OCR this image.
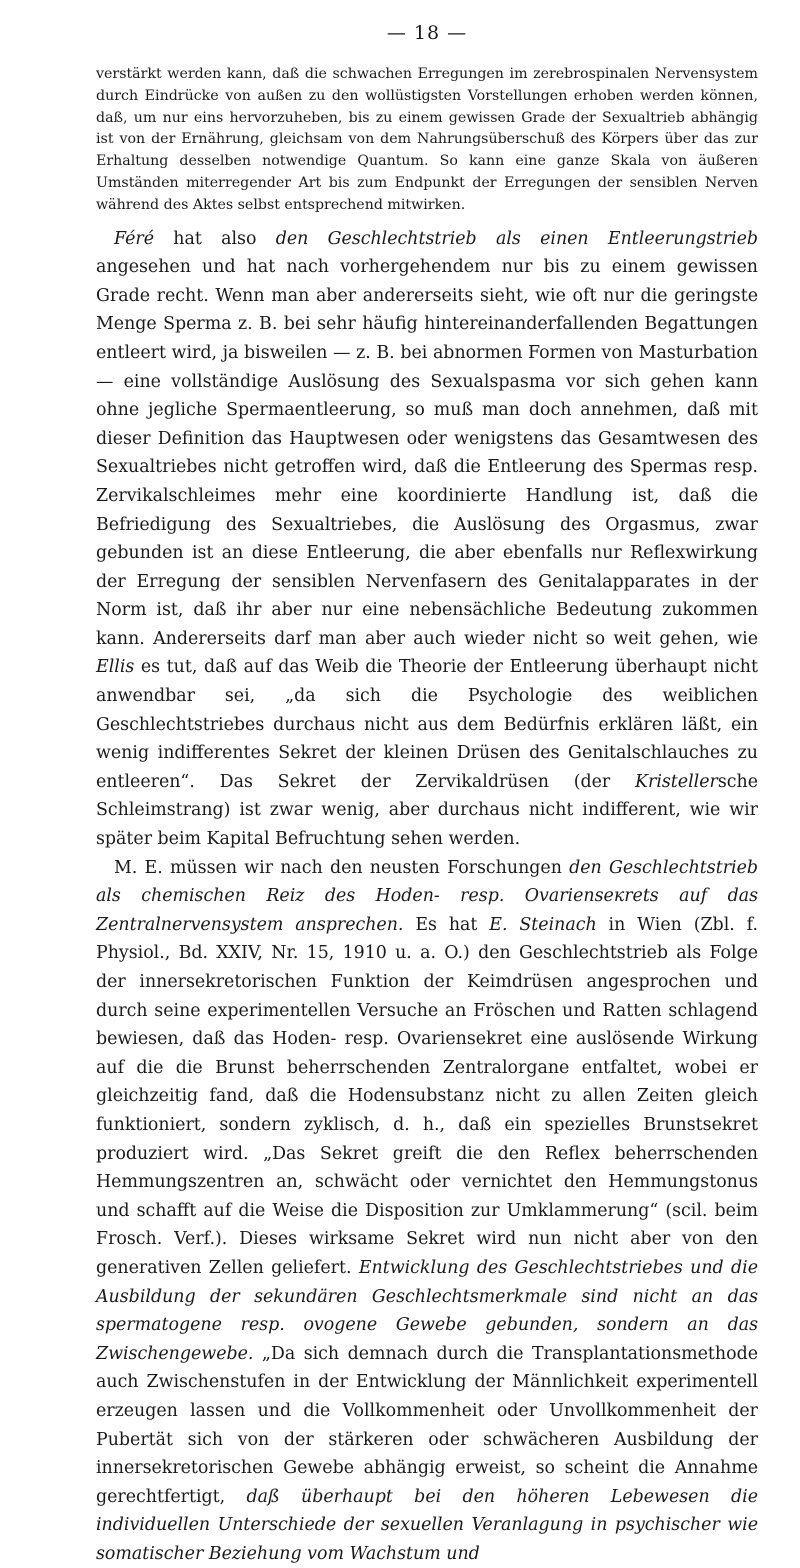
— 18 —

verstärkt werden kann, daß die schwachen Erregungen im zerebrospinalen Nervensystem durch Eindrücke von außen zu den wollüstigsten Vorstellungen erhoben werden können, daß, um nur eins hervorzuheben, bis zu einem gewissen Grade der Sexualtrieb abhängig ist von der Ernährung, gleichsam von dem Nahrungsüberschuß des Körpers über das zur Erhaltung desselben notwendige Quantum. So kann eine ganze Skala von äußeren Umständen miterregender Art bis zum Endpunkt der Erregungen der sensiblen Nerven während des Aktes selbst entsprechend mitwirken.

Féré hat also den Geschlechtstrieb als einen Entleerungstrieb angesehen und hat nach vorhergehendem nur bis zu einem gewissen Grade recht. Wenn man aber andererseits sieht, wie oft nur die geringste Menge Sperma z. B. bei sehr häufig hintereinanderfallenden Begattungen entleert wird, ja bisweilen — z. B. bei abnormen Formen von Masturbation — eine vollständige Auslösung des Sexualspasma vor sich gehen kann ohne jegliche Spermaentleerung, so muß man doch annehmen, daß mit dieser Definition das Hauptwesen oder wenigstens das Gesamtwesen des Sexualtriebes nicht getroffen wird, daß die Entleerung des Spermas resp. Zervikalschleimes mehr eine koordinierte Handlung ist, daß die Befriedigung des Sexualtriebes, die Auslösung des Orgasmus, zwar gebunden ist an diese Entleerung, die aber ebenfalls nur Reflexwirkung der Erregung der sensiblen Nervenfasern des Genitalapparates in der Norm ist, daß ihr aber nur eine nebensächliche Bedeutung zukommen kann. Andererseits darf man aber auch wieder nicht so weit gehen, wie Ellis es tut, daß auf das Weib die Theorie der Entleerung überhaupt nicht anwendbar sei, „da sich die Psychologie des weiblichen Geschlechtstriebes durchaus nicht aus dem Bedürfnis erklären läßt, ein wenig indifferentes Sekret der kleinen Drüsen des Genitalschlauches zu entleeren“. Das Sekret der Zervikaldrüsen (der Kristellersche Schleimstrang) ist zwar wenig, aber durchaus nicht indifferent, wie wir später beim Kapital Befruchtung sehen werden.

M. E. müssen wir nach den neusten Forschungen den Geschlechtstrieb als chemischen Reiz des Hoden- resp. Ovarienseкrets auf das Zentralnervensystem ansprechen. Es hat E. Steinach in Wien (Zbl. f. Physiol., Bd. XXIV, Nr. 15, 1910 u. a. O.) den Geschlechtstrieb als Folge der innersekretorischen Funktion der Keimdrüsen angesprochen und durch seine experimentellen Versuche an Fröschen und Ratten schlagend bewiesen, daß das Hoden- resp. Ovariensekret eine auslösende Wirkung auf die die Brunst beherrschenden Zentralorgane entfaltet, wobei er gleichzeitig fand, daß die Hodensubstanz nicht zu allen Zeiten gleich funktioniert, sondern zyklisch, d. h., daß ein spezielles Brunstsekret produziert wird. „Das Sekret greift die den Reflex beherrschenden Hemmungszentren an, schwächt oder vernichtet den Hemmungstonus und schafft auf die Weise die Disposition zur Umklammerung“ (scil. beim Frosch. Verf.). Dieses wirksame Sekret wird nun nicht aber von den generativen Zellen geliefert. Entwicklung des Geschlechtstriebes und die Ausbildung der sekundären Geschlechtsmerkmale sind nicht an das spermatogene resp. ovogene Gewebe gebunden, sondern an das Zwischengewebe. „Da sich demnach durch die Transplantationsmethode auch Zwischenstufen in der Entwicklung der Männlichkeit experimentell erzeugen lassen und die Vollkommenheit oder Unvollkommenheit der Pubertät sich von der stärkeren oder schwächeren Ausbildung der innersekretorischen Gewebe abhängig erweist, so scheint die Annahme gerechtfertigt, daß überhaupt bei den höheren Lebewesen die individuellen Unterschiede der sexuellen Veranlagung in psychischer wie somatischer Beziehung vom Wachstum und
